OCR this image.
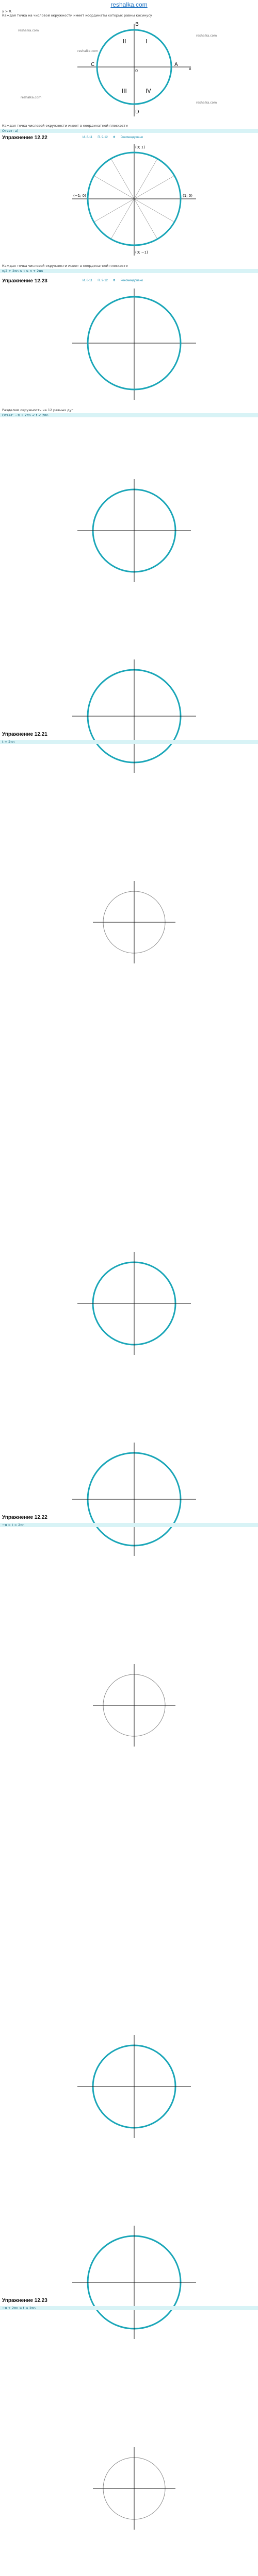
reshalka.com
y > 0.
Каждая точка на числовой окружности имеет координаты которых равны косинусу
II	I
III	IV
A
B
C
D
0	x
reshalka.com
reshalka.com
reshalka.com
reshalka.com
reshalka.com
Каждая точка числовой окружности имеет в координатной плоскости
Ответ: a)
Упражнение 12.22	И. 8-11 П. 9-12 Ф Рекомендовано
(0; 1)
(1; 0)
(0; −1)
(−1; 0)
Каждая точка числовой окружности имеет в координатной плоскости
π/2 + 2πn ≤ t ≤ π + 2πn
Упражнение 12.23	И. 8-11 П. 9-12 Ф Рекомендовано
Разделим окружность на 12 равных дуг
Ответ: −π + 2πn < t < 2πn
Упражнение 12.21
t = 2πn
Упражнение 12.22
−π < t < 2πn
Упражнение 12.23
−π + 2πn ≤ t ≤ 2πn
